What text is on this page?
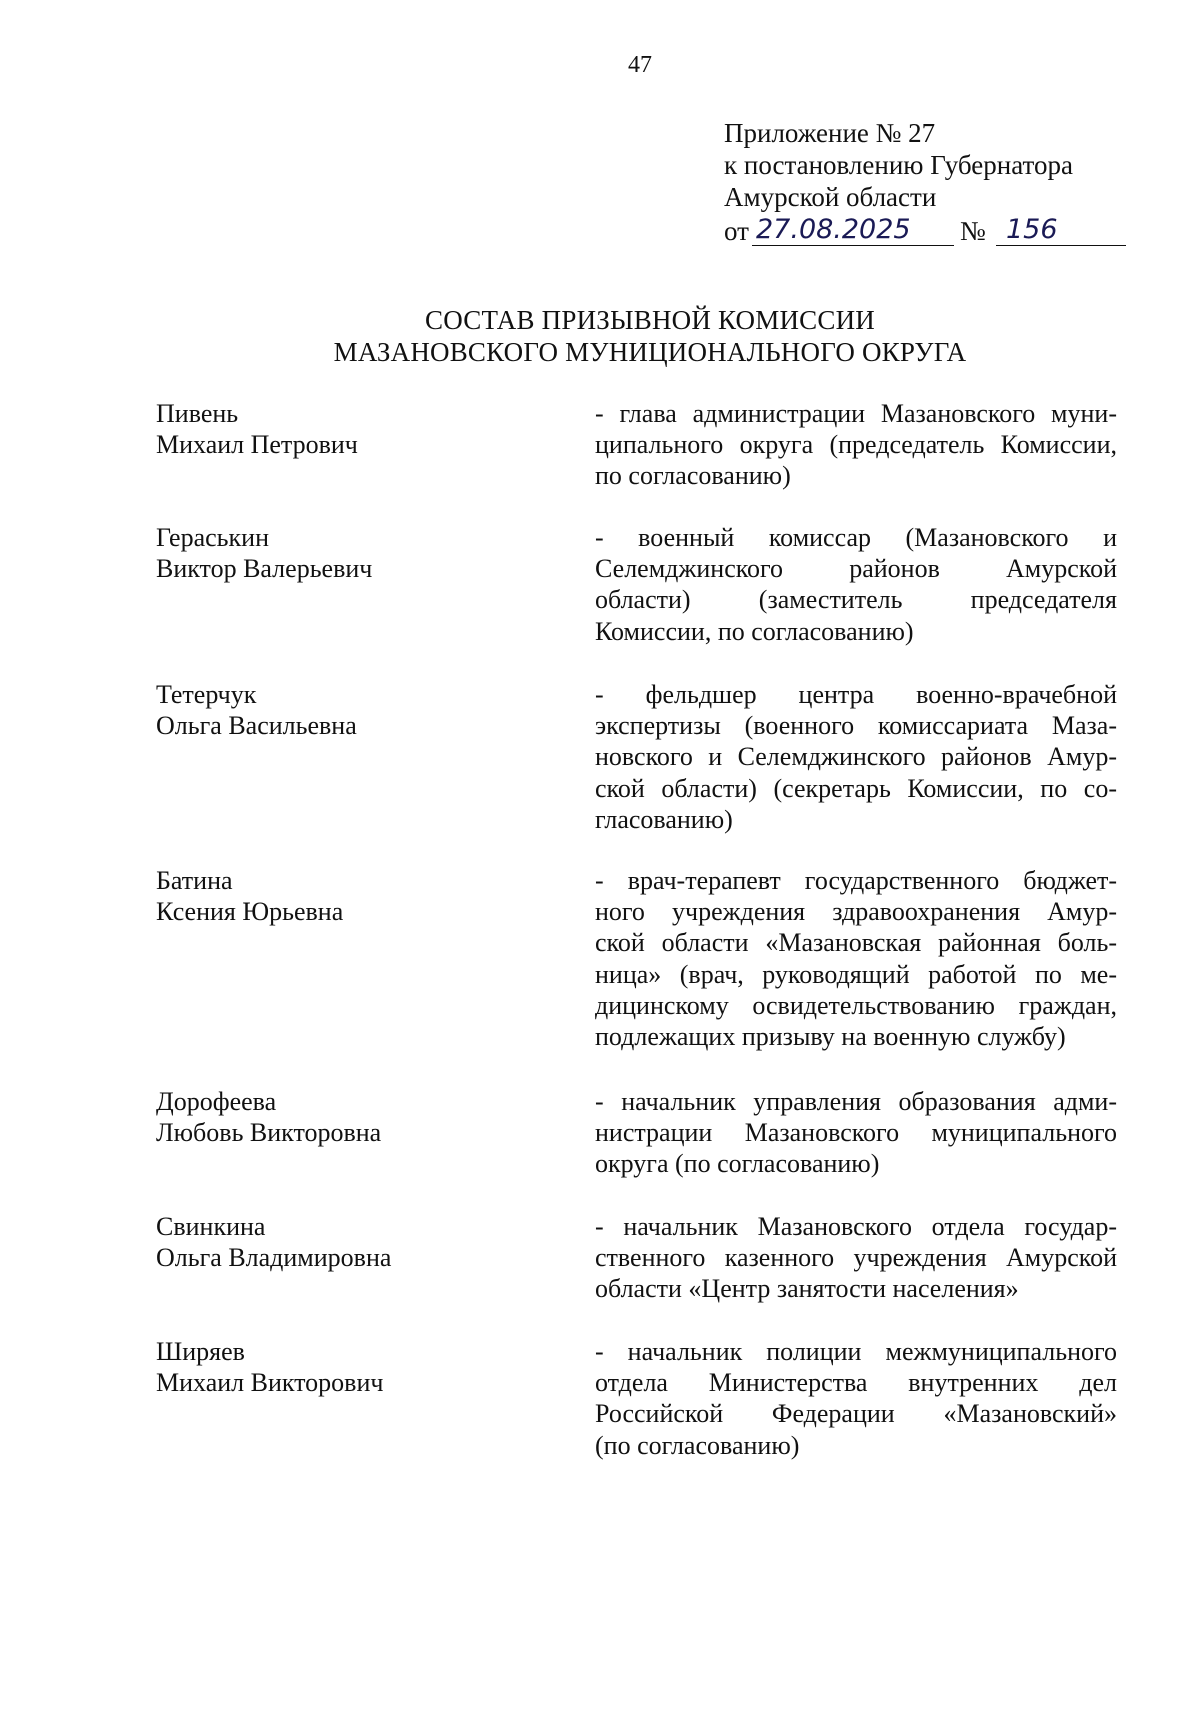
47
Приложение № 27
к постановлению Губернатора
Амурской области
от 27.08.2025	№ 156
СОСТАВ ПРИЗЫВНОЙ КОМИССИИ
МАЗАНОВСКОГО МУНИЦИОНАЛЬНОГО ОКРУГА
Пивень
Михаил Петрович
- глава администрации Мазановского муни-
ципального округа (председатель Комиссии,
по согласованию)
Гераськин
Виктор Валерьевич
- военный комиссар (Мазановского и
Селемджинского районов Амурской
области) (заместитель председателя
Комиссии, по согласованию)
Тетерчук
Ольга Васильевна
- фельдшер центра военно-врачебной
экспертизы (военного комиссариата Маза-
новского и Селемджинского районов Амур-
ской области) (секретарь Комиссии, по со-
гласованию)
Батина
Ксения Юрьевна
- врач-терапевт государственного бюджет-
ного учреждения здравоохранения Амур-
ской области «Мазановская районная боль-
ница» (врач, руководящий работой по ме-
дицинскому освидетельствованию граждан,
подлежащих призыву на военную службу)
Дорофеева
Любовь Викторовна
- начальник управления образования адми-
нистрации Мазановского муниципального
округа (по согласованию)
Свинкина
Ольга Владимировна
- начальник Мазановского отдела государ-
ственного казенного учреждения Амурской
области «Центр занятости населения»
Ширяев
Михаил Викторович
- начальник полиции межмуниципального
отдела Министерства внутренних дел
Российской Федерации «Мазановский»
(по согласованию)
